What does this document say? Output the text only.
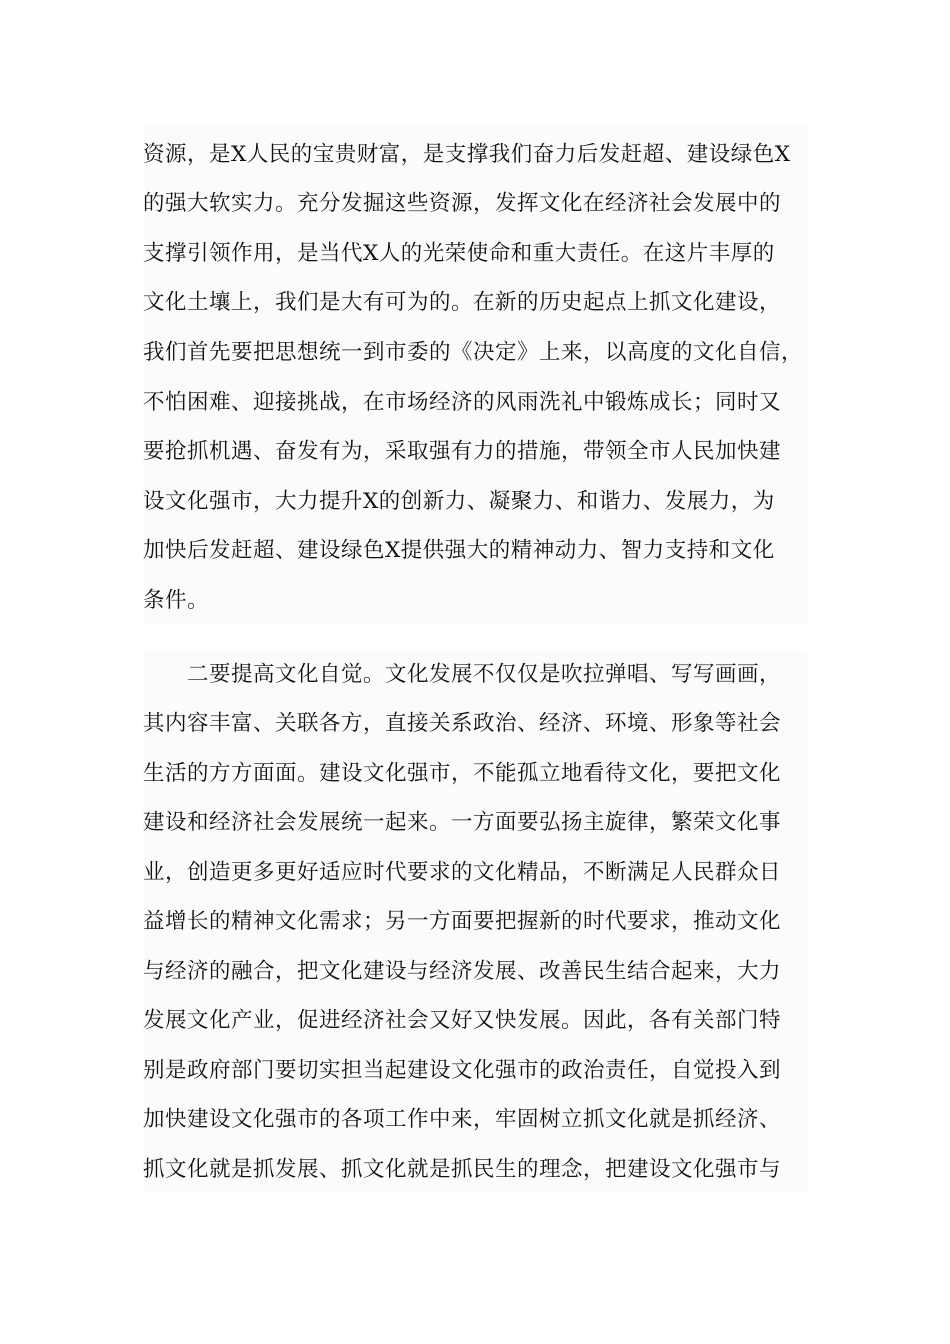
资源，是X人民的宝贵财富，是支撑我们奋力后发赶超、建设绿色X
的强大软实力。充分发掘这些资源，发挥文化在经济社会发展中的
支撑引领作用，是当代X人的光荣使命和重大责任。在这片丰厚的
文化土壤上，我们是大有可为的。在新的历史起点上抓文化建设，
我们首先要把思想统一到市委的《决定》上来，以高度的文化自信，
不怕困难、迎接挑战，在市场经济的风雨洗礼中锻炼成长；同时又
要抢抓机遇、奋发有为，采取强有力的措施，带领全市人民加快建
设文化强市，大力提升X的创新力、凝聚力、和谐力、发展力，为
加快后发赶超、建设绿色X提供强大的精神动力、智力支持和文化
条件。
二要提高文化自觉。文化发展不仅仅是吹拉弹唱、写写画画，
其内容丰富、关联各方，直接关系政治、经济、环境、形象等社会
生活的方方面面。建设文化强市，不能孤立地看待文化，要把文化
建设和经济社会发展统一起来。一方面要弘扬主旋律，繁荣文化事
业，创造更多更好适应时代要求的文化精品，不断满足人民群众日
益增长的精神文化需求；另一方面要把握新的时代要求，推动文化
与经济的融合，把文化建设与经济发展、改善民生结合起来，大力
发展文化产业，促进经济社会又好又快发展。因此，各有关部门特
别是政府部门要切实担当起建设文化强市的政治责任，自觉投入到
加快建设文化强市的各项工作中来，牢固树立抓文化就是抓经济、
抓文化就是抓发展、抓文化就是抓民生的理念，把建设文化强市与
